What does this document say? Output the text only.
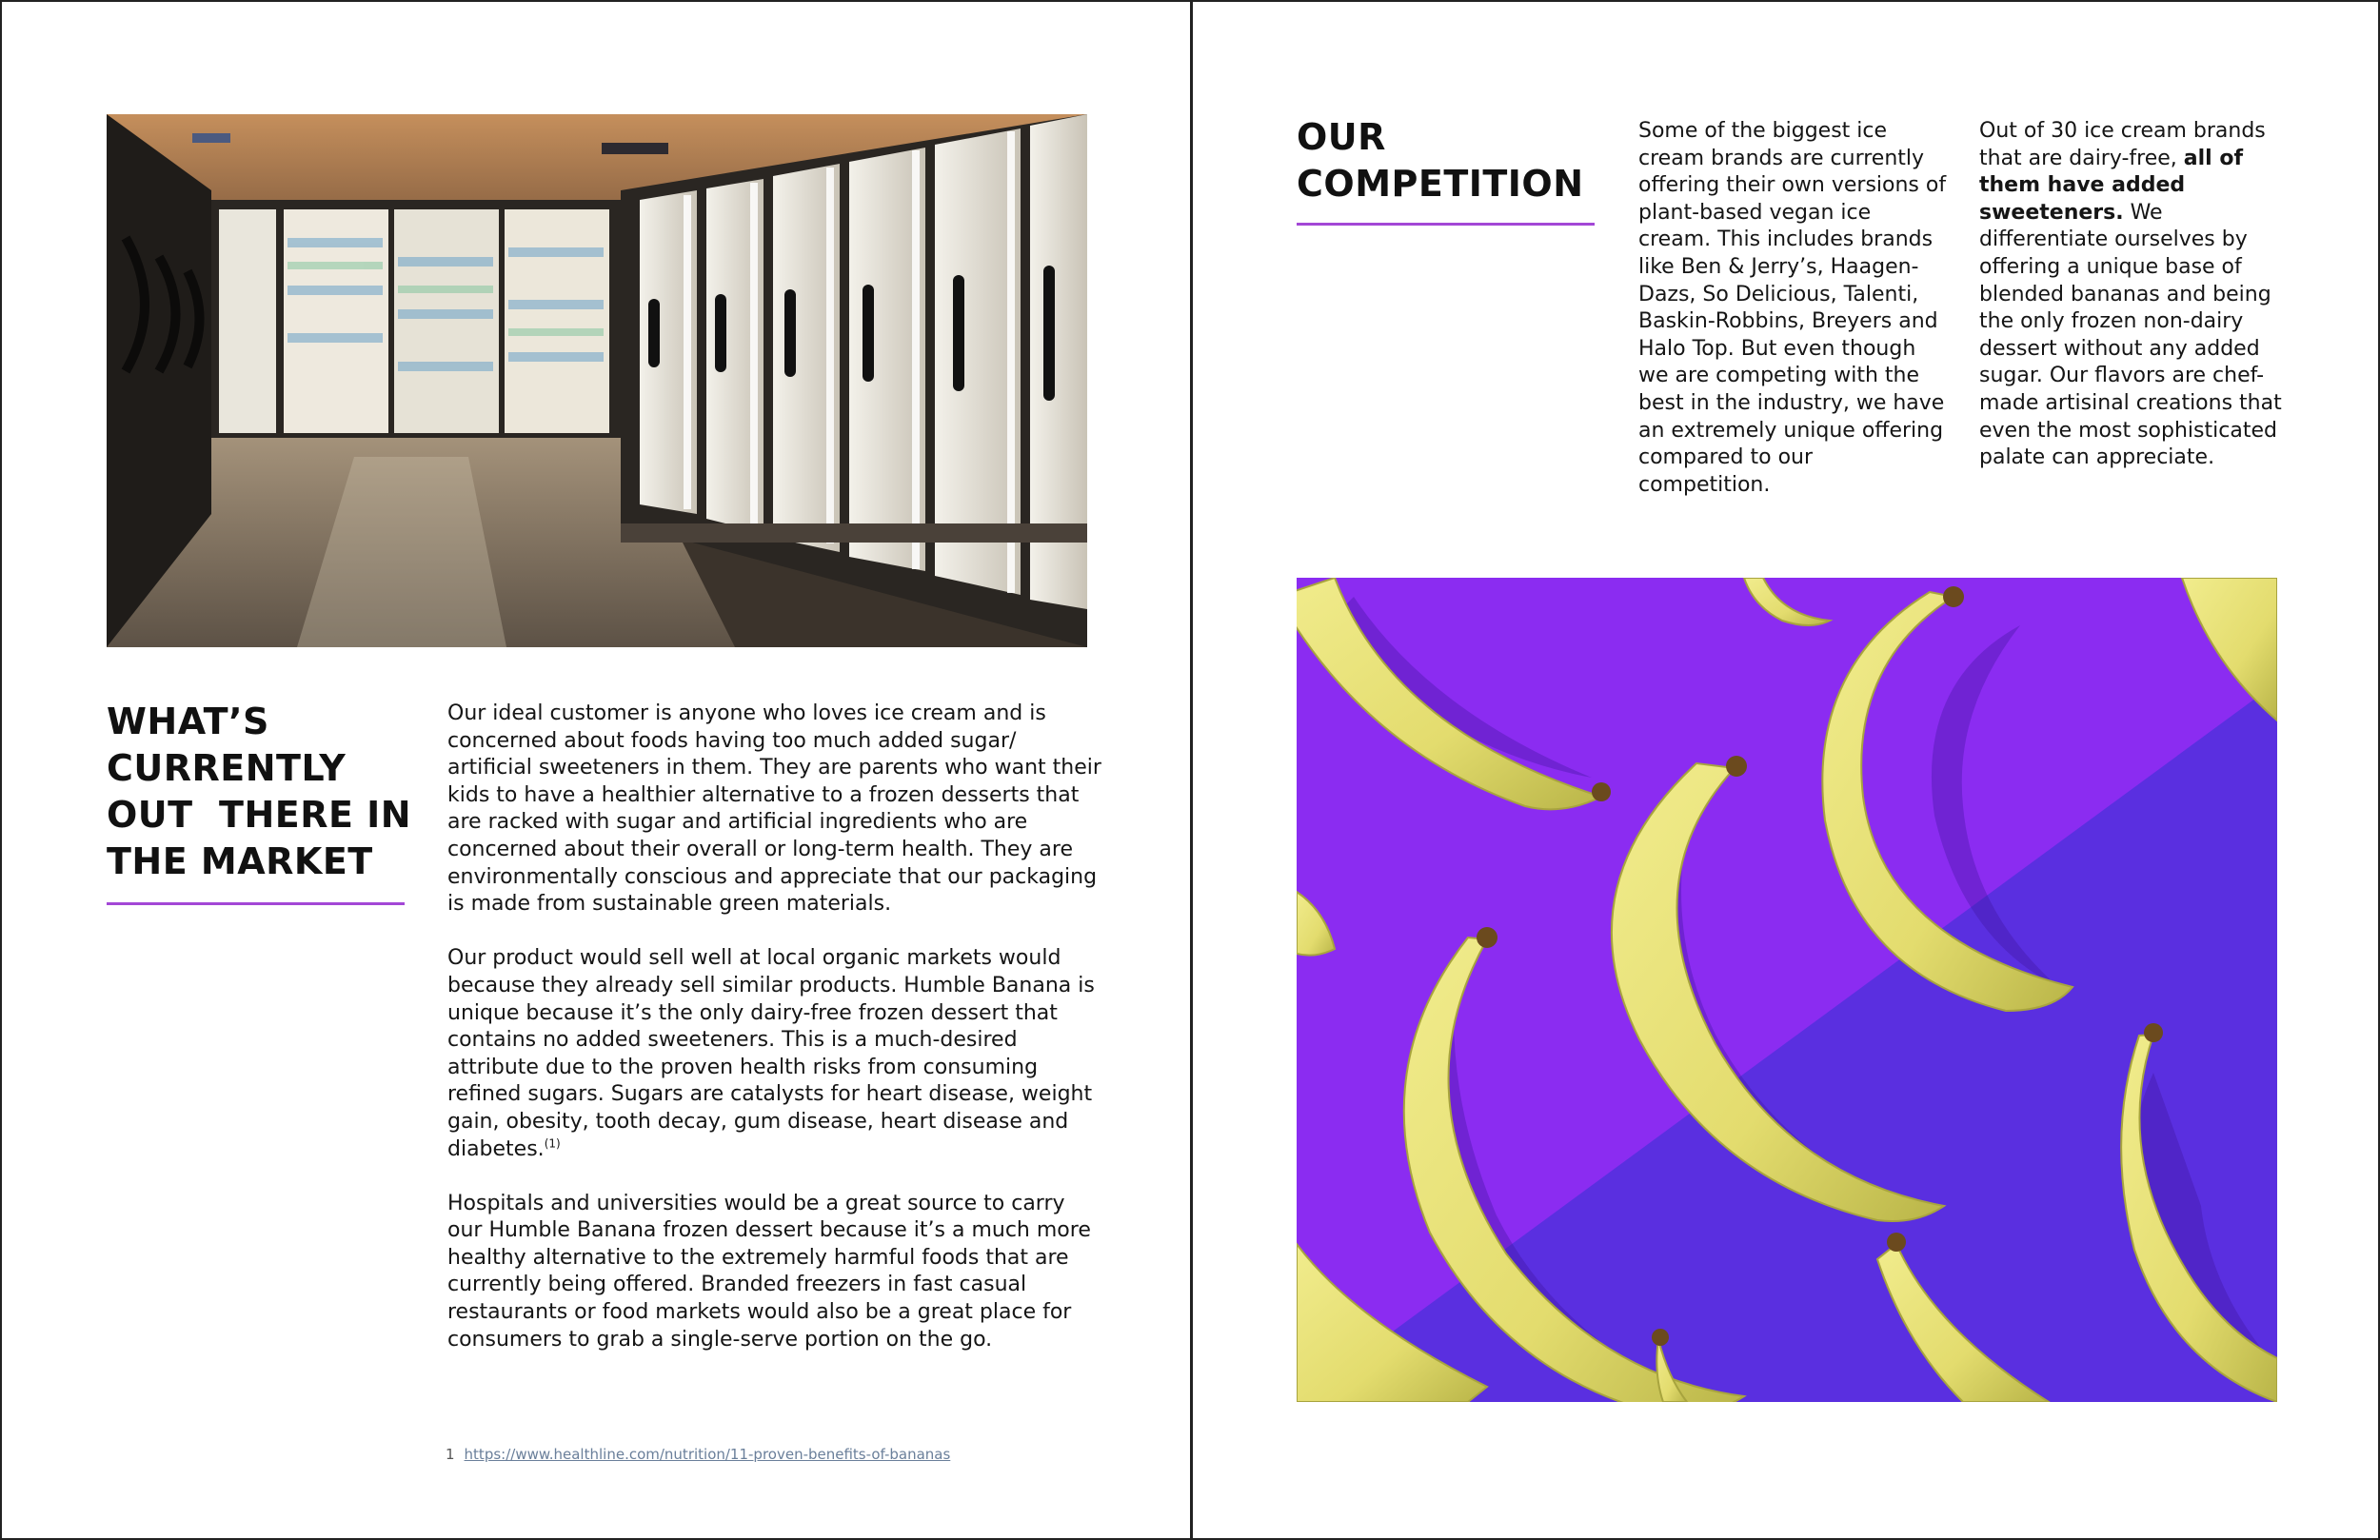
WHAT’S
CURRENTLY
OUT  THERE IN
THE MARKET

Our ideal customer is anyone who loves ice cream and is concerned about foods having too much added sugar/ artificial sweeteners in them. They are parents who want their kids to have a healthier alternative to a frozen desserts that are racked with sugar and artificial ingredients who are concerned about their overall or long-term health. They are environmentally conscious and appreciate that our packaging is made from sustainable green materials.

Our product would sell well at local organic markets would because they already sell similar products. Humble Banana is unique because it’s the only dairy-free frozen dessert that contains no added sweeteners. This is a much-desired attribute due to the proven health risks from consuming refined sugars. Sugars are catalysts for heart disease, weight gain, obesity, tooth decay, gum disease, heart disease and diabetes.$^{(1)}$

Hospitals and universities would be a great source to carry our Humble Banana frozen dessert because it’s a much more healthy alternative to the extremely harmful foods that are currently being offered. Branded freezers in fast casual restaurants or food markets would also be a great place for consumers to grab a single-serve portion on the go.

1 https://www.healthline.com/nutrition/11-proven-benefits-of-bananas
OUR
COMPETITION

Some of the biggest ice cream brands are currently offering their own versions of plant-based vegan ice cream. This includes brands like Ben & Jerry’s, Haagen-Dazs, So Delicious, Talenti, Baskin-Robbins, Breyers and Halo Top. But even though we are competing with the best in the industry, we have an extremely unique offering compared to our competition.

Out of 30 ice cream brands that are dairy-free, all of them have added sweeteners. We differentiate ourselves by offering a unique base of blended bananas and being the only frozen non-dairy dessert without any added sugar. Our flavors are chef-made artisinal creations that even the most sophisticated palate can appreciate.
